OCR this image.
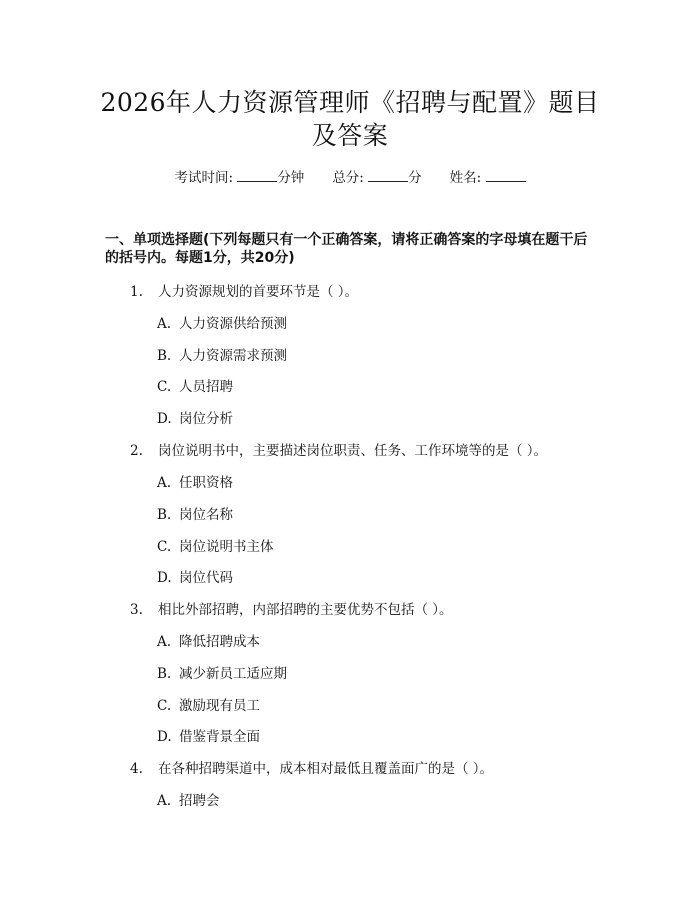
2026年人力资源管理师《招聘与配置》题目
及答案
考试时间:	分钟 总分:	分 姓名:
一、单项选择题(下列每题只有一个正确答案，请将正确答案的字母填在题干后
的括号内。每题1分，共20分)
1. 人力资源规划的首要环节是（ ）。
A. 人力资源供给预测
B. 人力资源需求预测
C. 人员招聘
D. 岗位分析
2. 岗位说明书中，主要描述岗位职责、任务、工作环境等的是（ ）。
A. 任职资格
B. 岗位名称
C. 岗位说明书主体
D. 岗位代码
3. 相比外部招聘，内部招聘的主要优势不包括（ ）。
A. 降低招聘成本
B. 减少新员工适应期
C. 激励现有员工
D. 借鉴背景全面
4. 在各种招聘渠道中，成本相对最低且覆盖面广的是（ ）。
A. 招聘会
